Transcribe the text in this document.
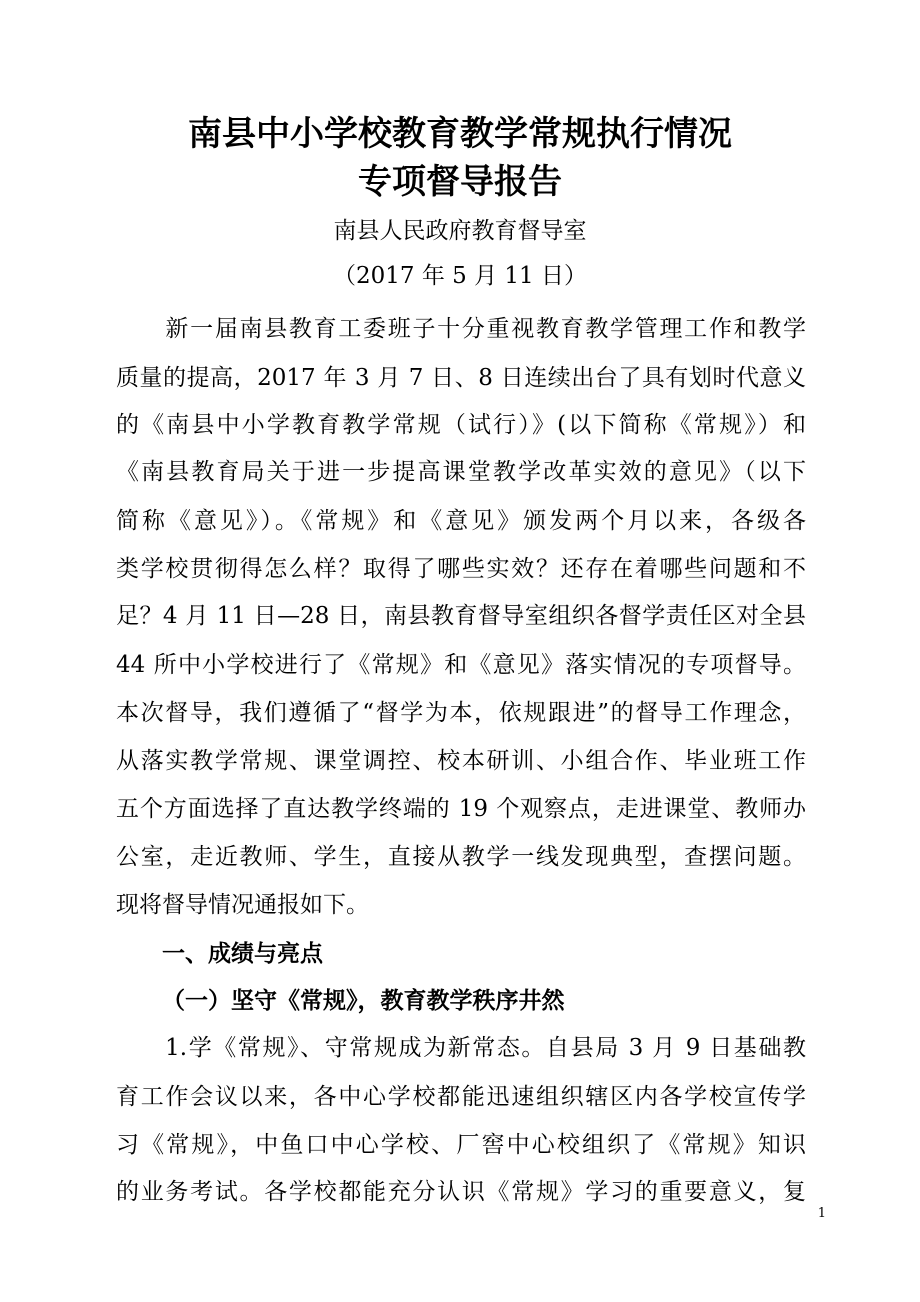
南县中小学校教育教学常规执行情况
专项督导报告

南县人民政府教育督导室

（2017 年 5 月 11 日）

　　新一届南县教育工委班子十分重视教育教学管理工作和教学
质量的提高，2017 年 3 月 7 日、8 日连续出台了具有划时代意义
的《南县中小学教育教学常规（试行）》(以下简称《常规》）和
《南县教育局关于进一步提高课堂教学改革实效的意见》（以下
简称《意见》）。《常规》和《意见》颁发两个月以来，各级各
类学校贯彻得怎么样？取得了哪些实效？还存在着哪些问题和不
足？4 月 11 日—28 日，南县教育督导室组织各督学责任区对全县
44 所中小学校进行了《常规》和《意见》落实情况的专项督导。
本次督导，我们遵循了“督学为本，依规跟进”的督导工作理念，
从落实教学常规、课堂调控、校本研训、小组合作、毕业班工作
五个方面选择了直达教学终端的 19 个观察点，走进课堂、教师办
公室，走近教师、学生，直接从教学一线发现典型，查摆问题。
现将督导情况通报如下。
一、成绩与亮点
（一）坚守《常规》，教育教学秩序井然
　　1.学《常规》、守常规成为新常态。自县局 3 月 9 日基础教
育工作会议以来，各中心学校都能迅速组织辖区内各学校宣传学
习《常规》，中鱼口中心学校、厂窖中心校组织了《常规》知识
的业务考试。各学校都能充分认识《常规》学习的重要意义，复
1
